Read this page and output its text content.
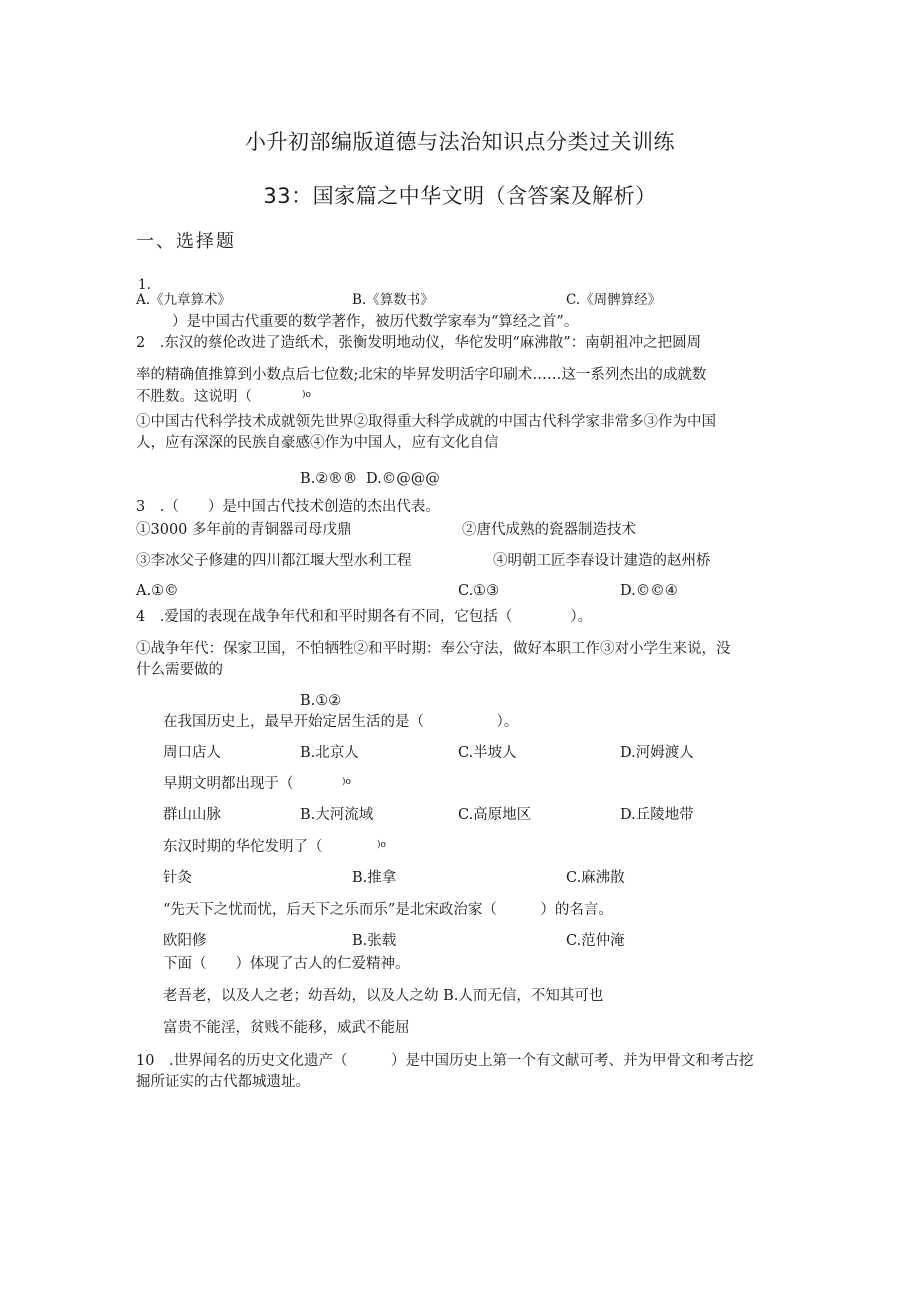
小升初部编版道德与法治知识点分类过关训练
33：国家篇之中华文明（含答案及解析）
一、选择题
1.
A.《九章算术》	B.《算数书》	C.《周髀算经》
）是中国古代重要的数学著作，被历代数学家奉为“算经之首”。
2　.东汉的蔡伦改进了造纸术，张衡发明地动仪，华佗发明“麻沸散”：南朝祖冲之把圆周
率的精确值推算到小数点后七位数;北宋的毕昇发明活字印刷术……这一系列杰出的成就数
不胜数。这说明（	)o
①中国古代科学技术成就领先世界②取得重大科学成就的中国古代科学家非常多③作为中国
人，应有深深的民族自豪感④作为中国人，应有文化自信
B.②®® D.©@@@
3　.（　　）是中国古代技术创造的杰出代表。
①3000 多年前的青铜器司母戊鼎	②唐代成熟的瓷器制造技术
③李冰父子修建的四川都江堰大型水利工程	④明朝工匠李春设计建造的赵州桥
A.①©	C.①③	D.©©④
4　.爱国的表现在战争年代和和平时期各有不同，它包括（　　　　）。
①战争年代：保家卫国，不怕牺牲②和平时期：奉公守法，做好本职工作③对小学生来说，没
什么需要做的
B.①②
在我国历史上，最早开始定居生活的是（　　　　　）。
周口店人	B.北京人	C.半坡人	D.河姆渡人
早期文明都出现于（	)o
群山山脉	B.大河流域	C.高原地区	D.丘陵地带
东汉时期的华佗发明了（	)o
针灸	B.推拿	C.麻沸散
“先天下之忧而忧，后天下之乐而乐”是北宋政治家（　　　）的名言。
欧阳修	B.张载	C.范仲淹
下面（　　）体现了古人的仁爱精神。
老吾老，以及人之老；幼吾幼，以及人之幼 B.人而无信，不知其可也
富贵不能淫，贫贱不能移，威武不能屈
10　.世界闻名的历史文化遗产（　　　）是中国历史上第一个有文献可考、并为甲骨文和考古挖
掘所证实的古代都城遗址。
